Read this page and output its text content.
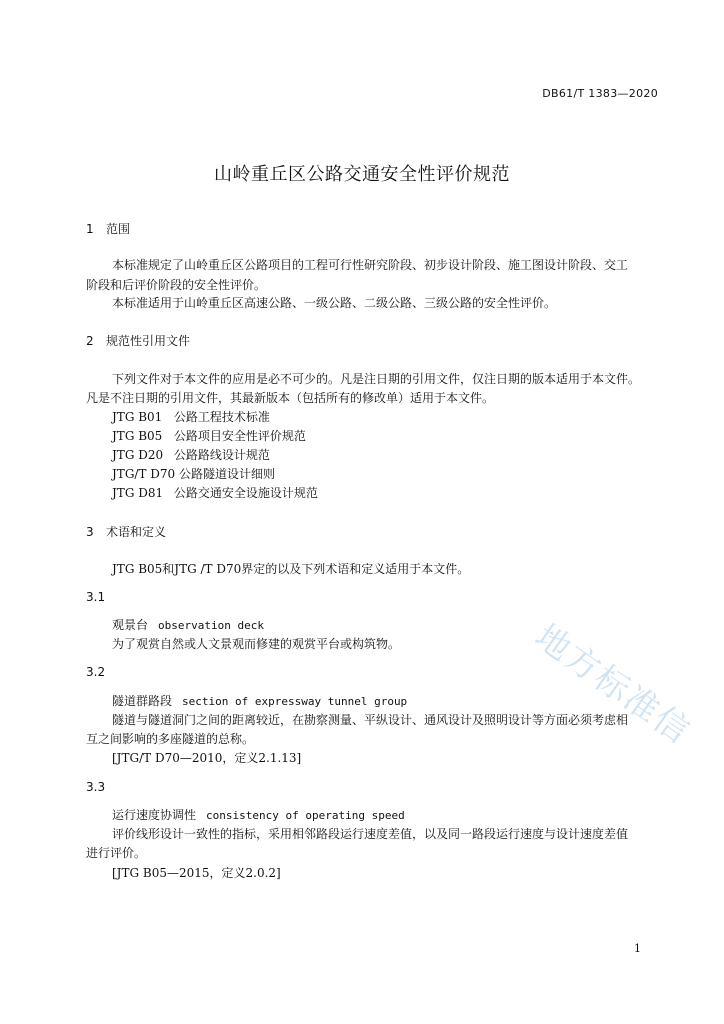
DB61/T 1383—2020
山岭重丘区公路交通安全性评价规范
1 范围
本标准规定了山岭重丘区公路项目的工程可行性研究阶段、初步设计阶段、施工图设计阶段、交工
阶段和后评价阶段的安全性评价。
本标准适用于山岭重丘区高速公路、一级公路、二级公路、三级公路的安全性评价。
2 规范性引用文件
下列文件对于本文件的应用是必不可少的。凡是注日期的引用文件，仅注日期的版本适用于本文件。
凡是不注日期的引用文件，其最新版本（包括所有的修改单）适用于本文件。
JTG B01 公路工程技术标准
JTG B05 公路项目安全性评价规范
JTG D20 公路路线设计规范
JTG/T D70 公路隧道设计细则
JTG D81 公路交通安全设施设计规范
3 术语和定义
JTG B05和JTG /T D70界定的以及下列术语和定义适用于本文件。
3.1
观景台 observation deck
为了观赏自然或人文景观而修建的观赏平台或构筑物。
3.2
隧道群路段 section of expressway tunnel group
隧道与隧道洞门之间的距离较近，在勘察测量、平纵设计、通风设计及照明设计等方面必须考虑相
互之间影响的多座隧道的总称。
[JTG/T D70—2010，定义2.1.13]
3.3
运行速度协调性 consistency of operating speed
评价线形设计一致性的指标，采用相邻路段运行速度差值，以及同一路段运行速度与设计速度差值
进行评价。
[JTG B05—2015，定义2.0.2]
1
地方标准信
